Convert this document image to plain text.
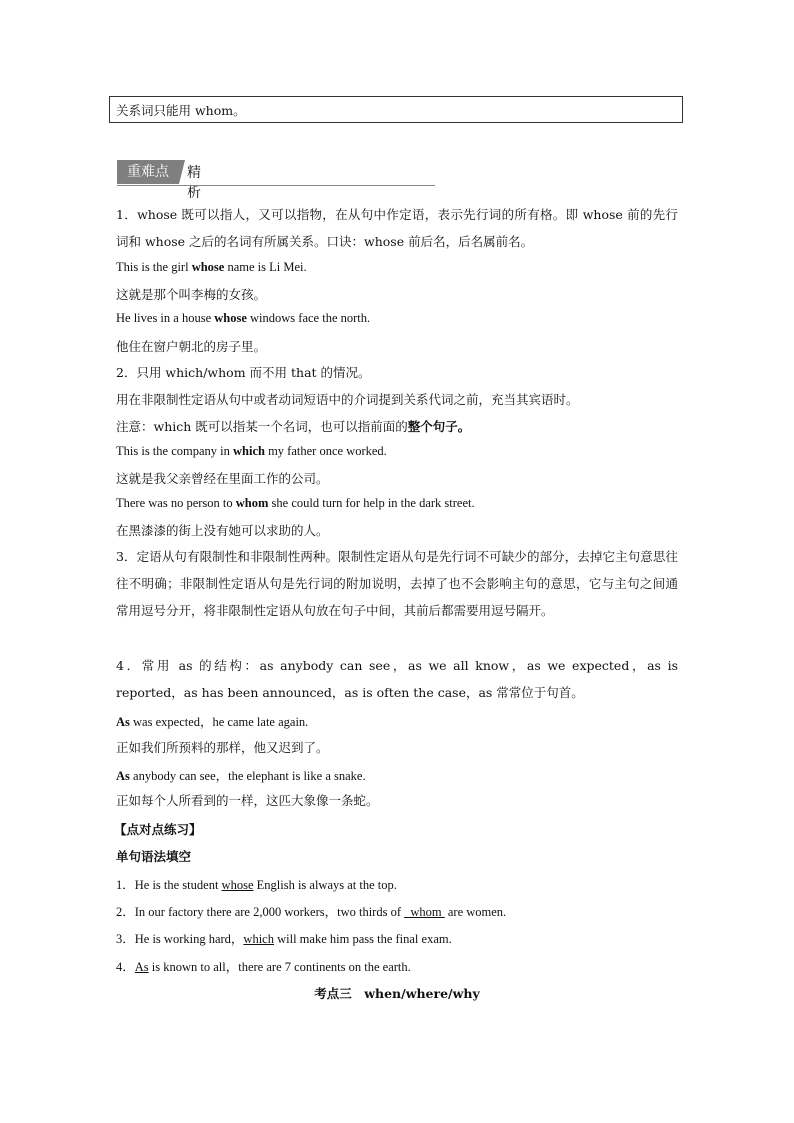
关系词只能用 whom。
重难点	精析
1．whose 既可以指人，又可以指物，在从句中作定语，表示先行词的所有格。即 whose 前的先行词和 whose 之后的名词有所属关系。口诀：whose 前后名，后名属前名。
This is the girl whose name is Li Mei.
这就是那个叫李梅的女孩。
He lives in a house whose windows face the north.
他住在窗户朝北的房子里。
2．只用 which/whom 而不用 that 的情况。
用在非限制性定语从句中或者动词短语中的介词提到关系代词之前，充当其宾语时。
注意：which 既可以指某一个名词，也可以指前面的整个句子。
This is the company in which my father once worked.
这就是我父亲曾经在里面工作的公司。
There was no person to whom she could turn for help in the dark street.
在黑漆漆的街上没有她可以求助的人。
3．定语从句有限制性和非限制性两种。限制性定语从句是先行词不可缺少的部分，去掉它主句意思往往不明确；非限制性定语从句是先行词的附加说明，去掉了也不会影响主句的意思，它与主句之间通常用逗号分开，将非限制性定语从句放在句子中间，其前后都需要用逗号隔开。
4．常用 as 的结构：as anybody can see，as we all know，as we expected，as is reported，as has been announced，as is often the case，as 常常位于句首。
As was expected，he came late again.
正如我们所预料的那样，他又迟到了。
As anybody can see，the elephant is like a snake.
正如每个人所看到的一样，这匹大象像一条蛇。
【点对点练习】
单句语法填空
1．He is the student whose English is always at the top.
2．In our factory there are 2,000 workers，two thirds of   whom  are women.
3．He is working hard，which will make him pass the final exam.
4．As is known to all，there are 7 continents on the earth.
考点三　when/where/why
